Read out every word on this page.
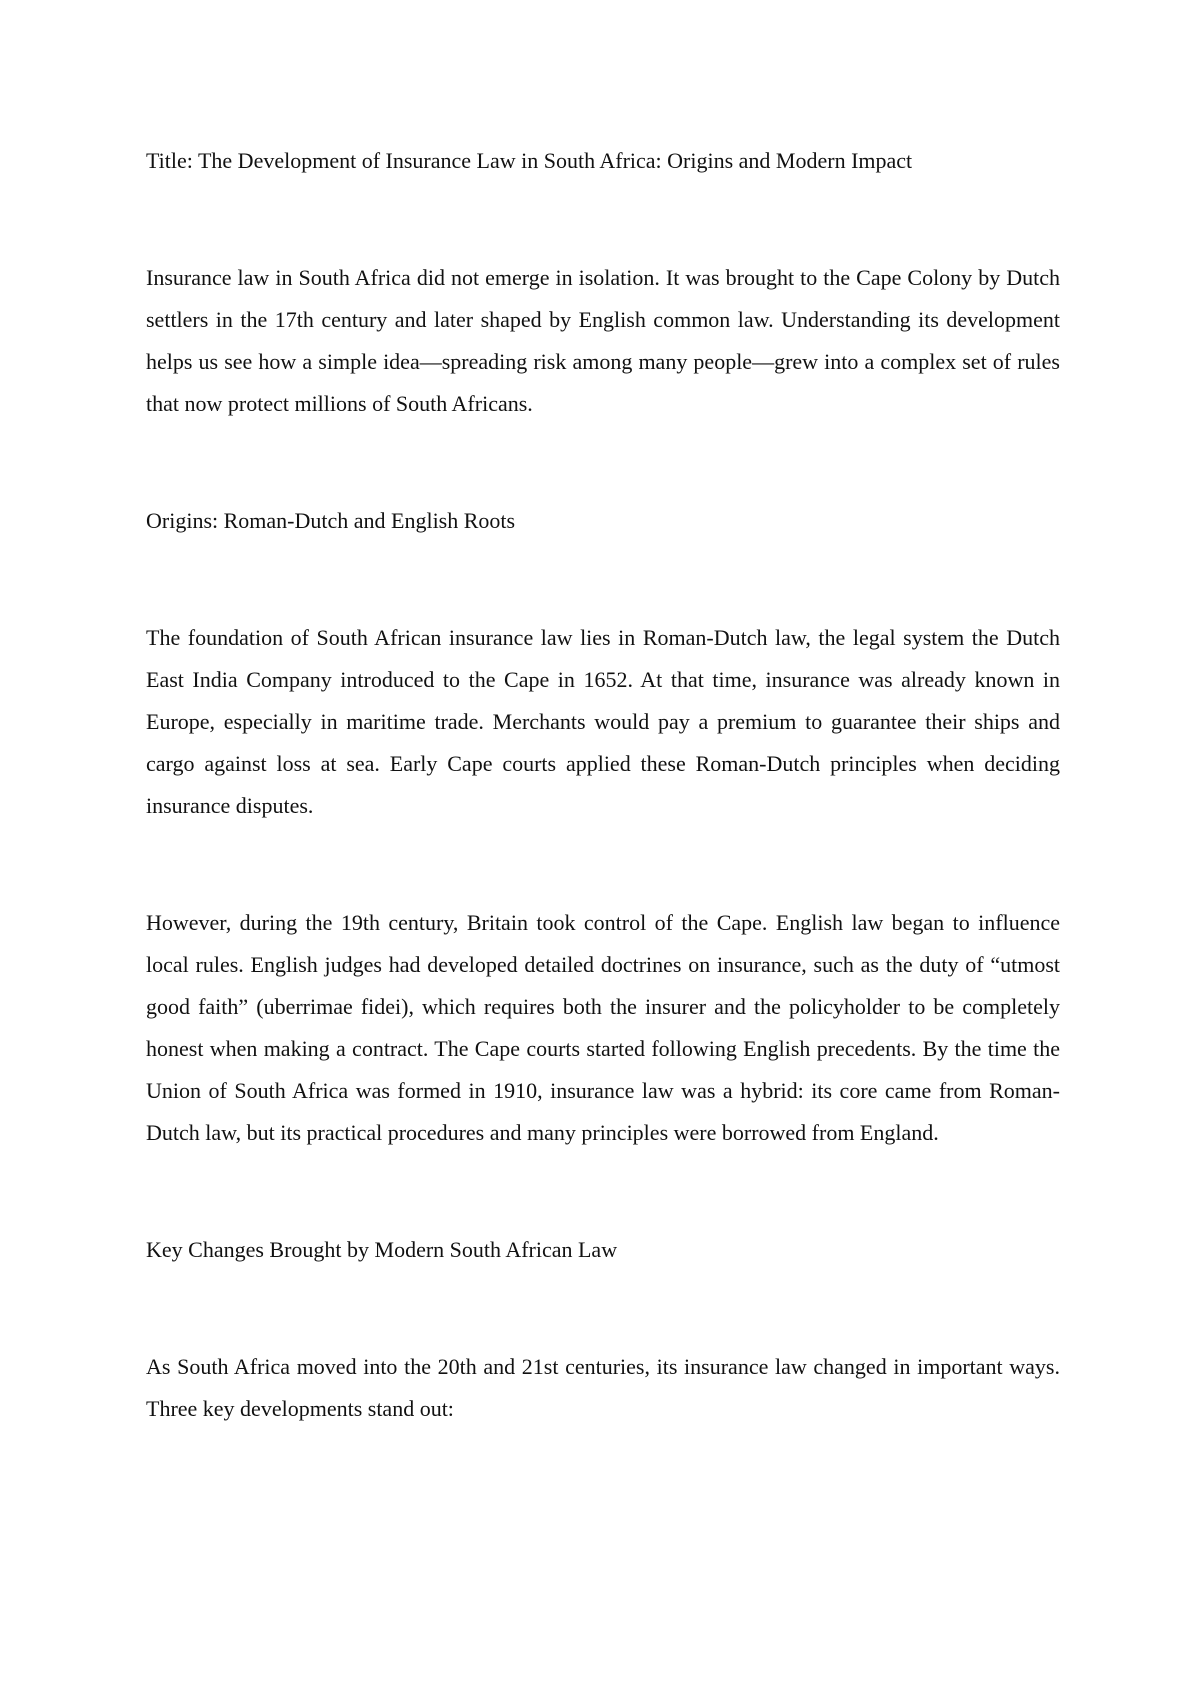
Title: The Development of Insurance Law in South Africa: Origins and Modern Impact

Insurance law in South Africa did not emerge in isolation. It was brought to the Cape Colony by Dutch settlers in the 17th century and later shaped by English common law. Understanding its development helps us see how a simple idea—spreading risk among many people—grew into a complex set of rules that now protect millions of South Africans.

Origins: Roman-Dutch and English Roots

The foundation of South African insurance law lies in Roman-Dutch law, the legal system the Dutch East India Company introduced to the Cape in 1652. At that time, insurance was already known in Europe, especially in maritime trade. Merchants would pay a premium to guarantee their ships and cargo against loss at sea. Early Cape courts applied these Roman-Dutch principles when deciding insurance disputes.

However, during the 19th century, Britain took control of the Cape. English law began to influence local rules. English judges had developed detailed doctrines on insurance, such as the duty of “utmost good faith” (uberrimae fidei), which requires both the insurer and the policyholder to be completely honest when making a contract. The Cape courts started following English precedents. By the time the Union of South Africa was formed in 1910, insurance law was a hybrid: its core came from Roman-Dutch law, but its practical procedures and many principles were borrowed from England.

Key Changes Brought by Modern South African Law

As South Africa moved into the 20th and 21st centuries, its insurance law changed in important ways. Three key developments stand out:
